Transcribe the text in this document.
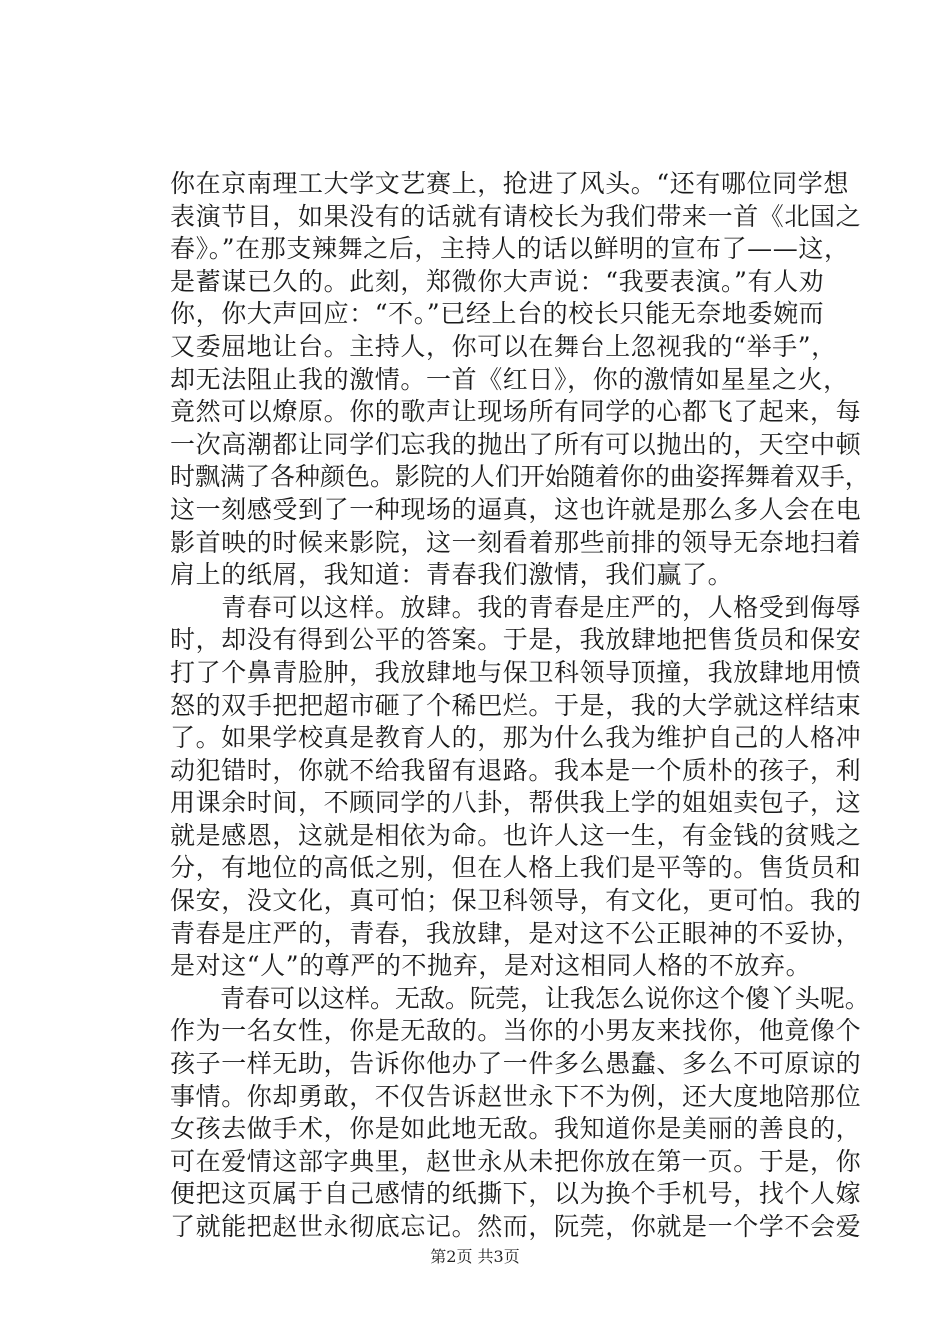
你在京南理工大学文艺赛上，抢进了风头。“还有哪位同学想
表演节目，如果没有的话就有请校长为我们带来一首《北国之
春》。”在那支辣舞之后，主持人的话以鲜明的宣布了——这，
是蓄谋已久的。此刻，郑微你大声说：“我要表演。”有人劝
你，你大声回应：“不。”已经上台的校长只能无奈地委婉而
又委屈地让台。主持人，你可以在舞台上忽视我的“举手”，
却无法阻止我的激情。一首《红日》，你的激情如星星之火，
竟然可以燎原。你的歌声让现场所有同学的心都飞了起来，每
一次高潮都让同学们忘我的抛出了所有可以抛出的，天空中顿
时飘满了各种颜色。影院的人们开始随着你的曲姿挥舞着双手，
这一刻感受到了一种现场的逼真，这也许就是那么多人会在电
影首映的时候来影院，这一刻看着那些前排的领导无奈地扫着
肩上的纸屑，我知道：青春我们激情，我们赢了。
　　青春可以这样。放肆。我的青春是庄严的，人格受到侮辱
时，却没有得到公平的答案。于是，我放肆地把售货员和保安
打了个鼻青脸肿，我放肆地与保卫科领导顶撞，我放肆地用愤
怒的双手把把超市砸了个稀巴烂。于是，我的大学就这样结束
了。如果学校真是教育人的，那为什么我为维护自己的人格冲
动犯错时，你就不给我留有退路。我本是一个质朴的孩子，利
用课余时间，不顾同学的八卦，帮供我上学的姐姐卖包子，这
就是感恩，这就是相依为命。也许人这一生，有金钱的贫贱之
分，有地位的高低之别，但在人格上我们是平等的。售货员和
保安，没文化，真可怕；保卫科领导，有文化，更可怕。我的
青春是庄严的，青春，我放肆，是对这不公正眼神的不妥协，
是对这“人”的尊严的不抛弃，是对这相同人格的不放弃。
　　青春可以这样。无敌。阮莞，让我怎么说你这个傻丫头呢。
作为一名女性，你是无敌的。当你的小男友来找你，他竟像个
孩子一样无助，告诉你他办了一件多么愚蠢、多么不可原谅的
事情。你却勇敢，不仅告诉赵世永下不为例，还大度地陪那位
女孩去做手术，你是如此地无敌。我知道你是美丽的善良的，
可在爱情这部字典里，赵世永从未把你放在第一页。于是，你
便把这页属于自己感情的纸撕下，以为换个手机号，找个人嫁
了就能把赵世永彻底忘记。然而，阮莞，你就是一个学不会爱
第2页 共3页
